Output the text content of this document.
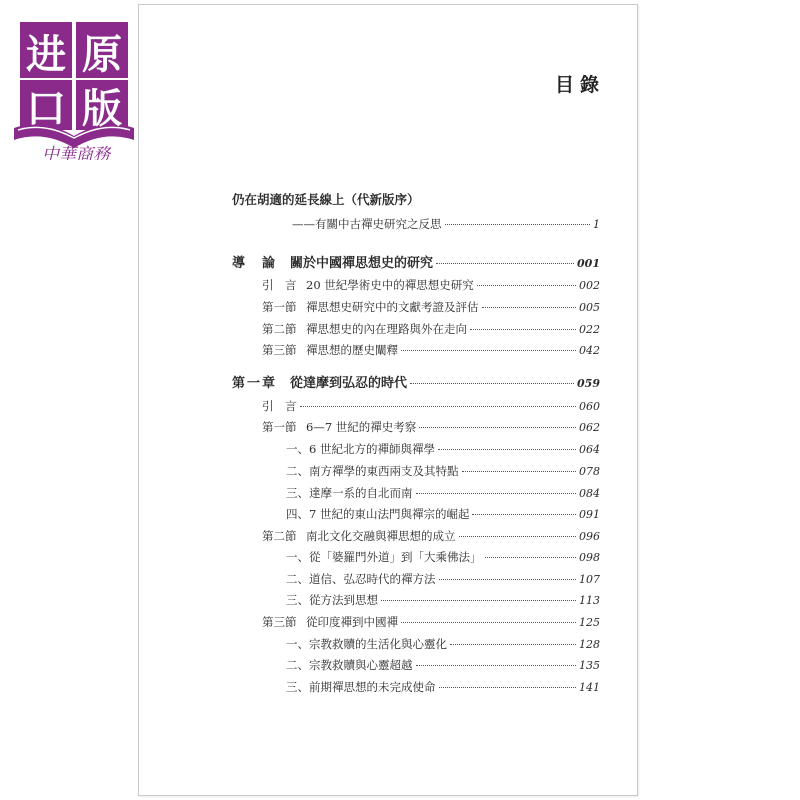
进 原
口 版
中華商務
目錄
仍在胡適的延長線上（代新版序）
——有關中古禪史研究之反思	1
導　論 關於中國禪思想史的研究	001
引　言 20 世紀學術史中的禪思想史研究	002
第一節 禪思想史研究中的文獻考證及評估	005
第二節 禪思想史的內在理路與外在走向	022
第三節 禪思想的歷史闡釋	042
第一章 從達摩到弘忍的時代	059
引　言	060
第一節 6—7 世紀的禪史考察	062
一、6 世紀北方的禪師與禪學	064
二、南方禪學的東西兩支及其特點	078
三、達摩一系的自北而南	084
四、7 世紀的東山法門與禪宗的崛起	091
第二節 南北文化交融與禪思想的成立	096
一、從「婆羅門外道」到「大乘佛法」	098
二、道信、弘忍時代的禪方法	107
三、從方法到思想	113
第三節 從印度禪到中國禪	125
一、宗教救贖的生活化與心靈化	128
二、宗教救贖與心靈超越	135
三、前期禪思想的未完成使命	141
